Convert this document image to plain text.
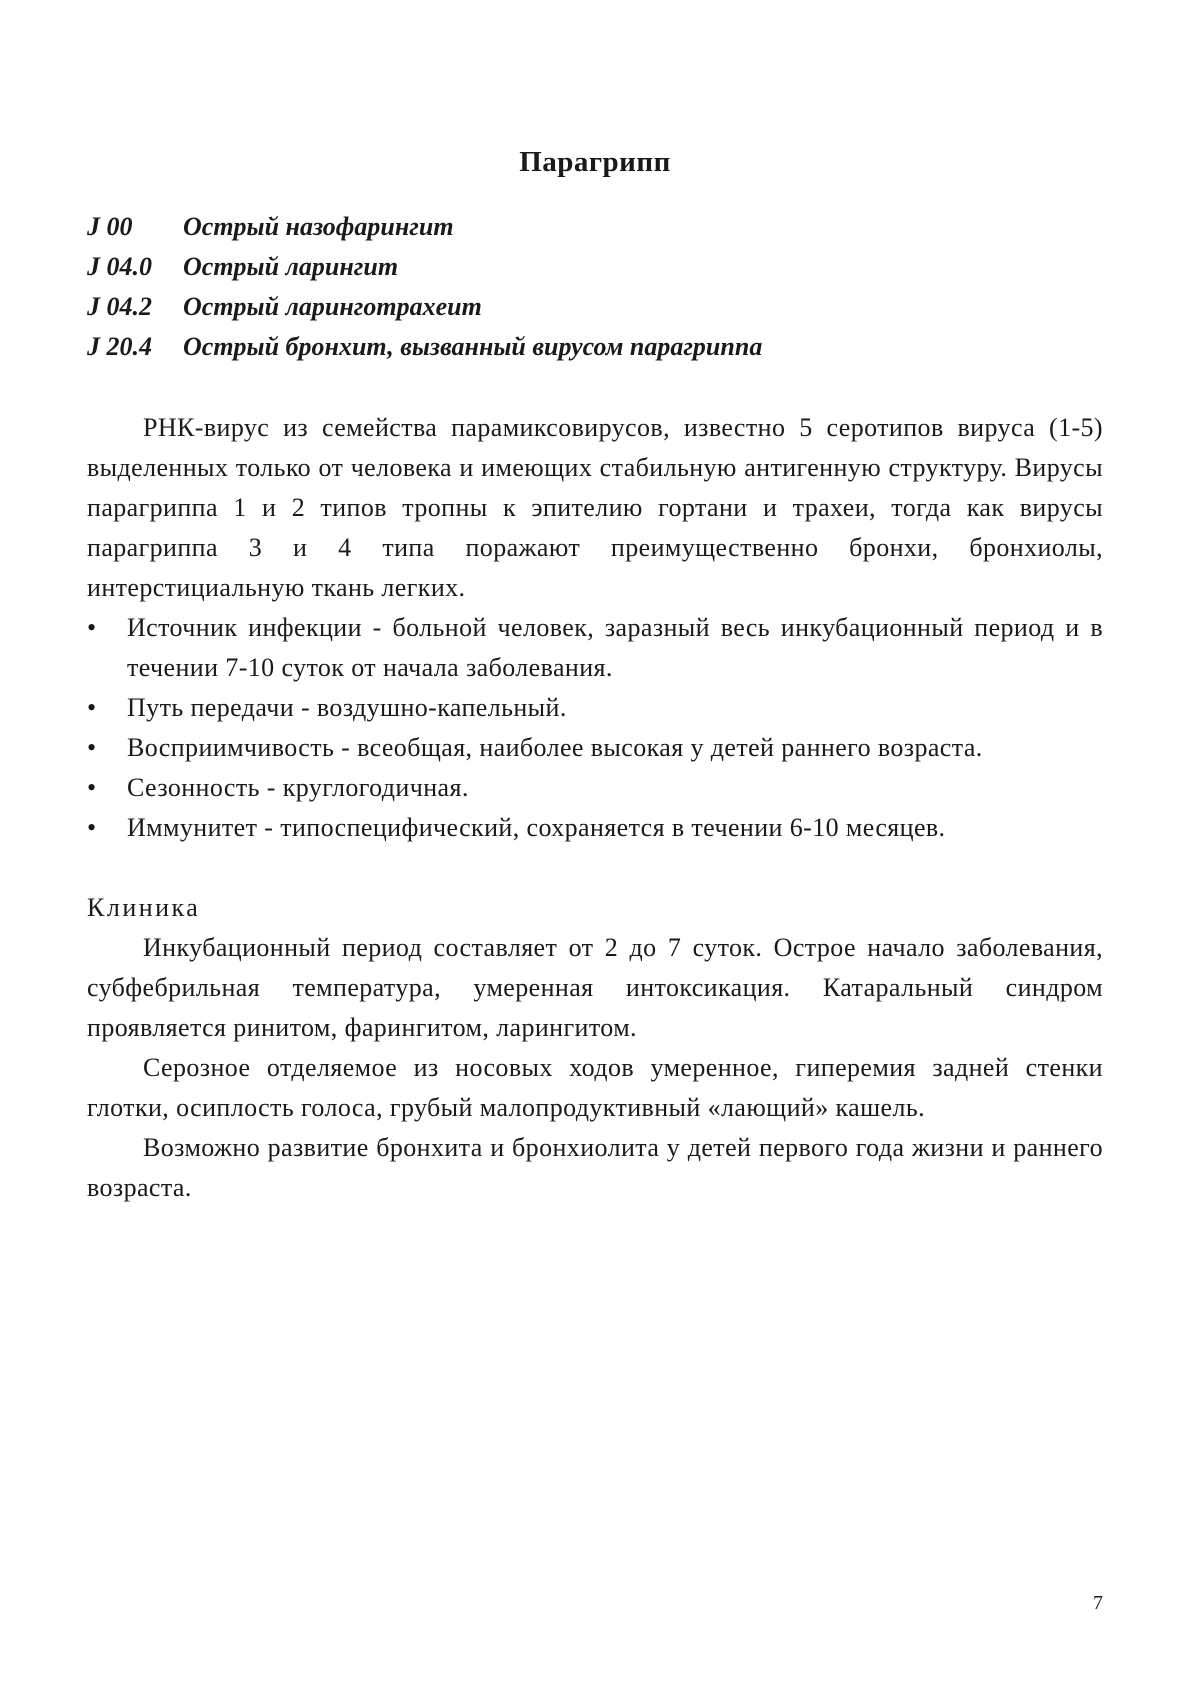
Парагрипп
J 00 Острый назофарингит
J 04.0 Острый ларингит
J 04.2 Острый ларинготрахеит
J 20.4 Острый бронхит, вызванный вирусом парагриппа

РНК-вирус из семейства парамиксовирусов, известно 5 серотипов вируса (1-5) выделенных только от человека и имеющих стабильную антигенную структуру. Вирусы парагриппа 1 и 2 типов тропны к эпителию гортани и трахеи, тогда как вирусы парагриппа 3 и 4 типа поражают преимущественно бронхи, бронхиолы, интерстициальную ткань легких.

•	Источник инфекции - больной человек, заразный весь инкубационный период и в течении 7-10 суток от начала заболевания.
•	Путь передачи - воздушно-капельный.
•	Восприимчивость - всеобщая, наиболее высокая у детей раннего возраста.
•	Сезонность - круглогодичная.
•	Иммунитет - типоспецифический, сохраняется в течении 6-10 месяцев.
Клиника

Инкубационный период составляет от 2 до 7 суток. Острое начало заболевания, субфебрильная температура, умеренная интоксикация. Катаральный синдром проявляется ринитом, фарингитом, ларингитом.

Серозное отделяемое из носовых ходов умеренное, гиперемия задней стенки глотки, осиплость голоса, грубый малопродуктивный «лающий» кашель.

Возможно развитие бронхита и бронхиолита у детей первого года жизни и раннего возраста.

7
